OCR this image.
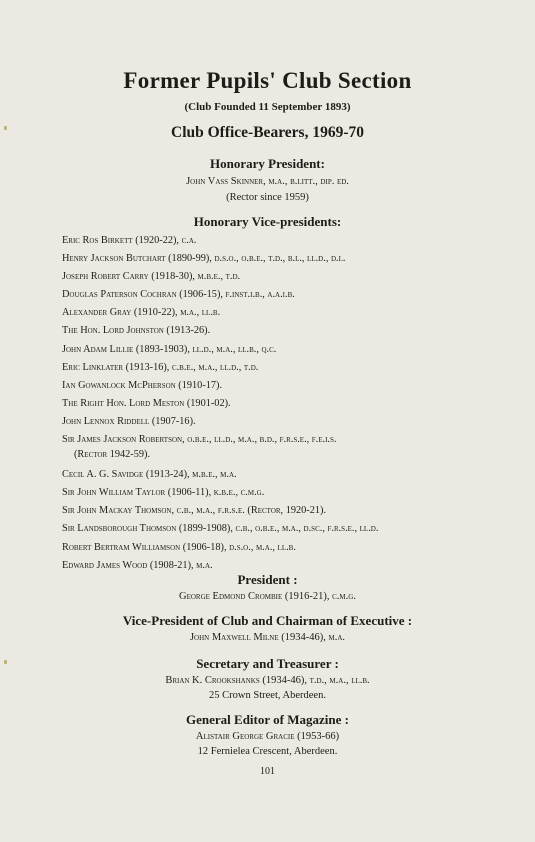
Former Pupils' Club Section
(Club Founded 11 September 1893)
Club Office-Bearers, 1969-70
Honorary President:
John Vass Skinner, m.a., b.litt., dip. ed.
(Rector since 1959)
Honorary Vice-presidents:
Eric Ros Birkett (1920-22), c.a.
Henry Jackson Butchart (1890-99), d.s.o., o.b.e., t.d., b.l., ll.d., d.l.
Joseph Robert Carry (1918-30), m.b.e., t.d.
Douglas Paterson Cochran (1906-15), f.inst.i.b., a.a.i.b.
Alexander Gray (1910-22), m.a., ll.b.
The Hon. Lord Johnston (1913-26).
John Adam Lillie (1893-1903), ll.d., m.a., ll.b., q.c.
Eric Linklater (1913-16), c.b.e., m.a., ll.d., t.d.
Ian Gowanlock McPherson (1910-17).
The Right Hon. Lord Meston (1901-02).
John Lennox Riddell (1907-16).
Sir James Jackson Robertson, o.b.e., ll.d., m.a., b.d., f.r.s.e., f.e.i.s.
(Rector 1942-59).
Cecil A. G. Savidge (1913-24), m.b.e., m.a.
Sir John William Taylor (1906-11), k.b.e., c.m.g.
Sir John Mackay Thomson, c.b., m.a., f.r.s.e. (Rector, 1920-21).
Sir Landsborough Thomson (1899-1908), c.b., o.b.e., m.a., d.sc., f.r.s.e., ll.d.
Robert Bertram Williamson (1906-18), d.s.o., m.a., ll.b.
Edward James Wood (1908-21), m.a.
President :
George Edmond Crombie (1916-21), c.m.g.
Vice-President of Club and Chairman of Executive :
John Maxwell Milne (1934-46), m.a.
Secretary and Treasurer :
Brian K. Crookshanks (1934-46), t.d., m.a., ll.b.
25 Crown Street, Aberdeen.
General Editor of Magazine :
Alistair George Gracie (1953-66)
12 Fernielea Crescent, Aberdeen.
101
